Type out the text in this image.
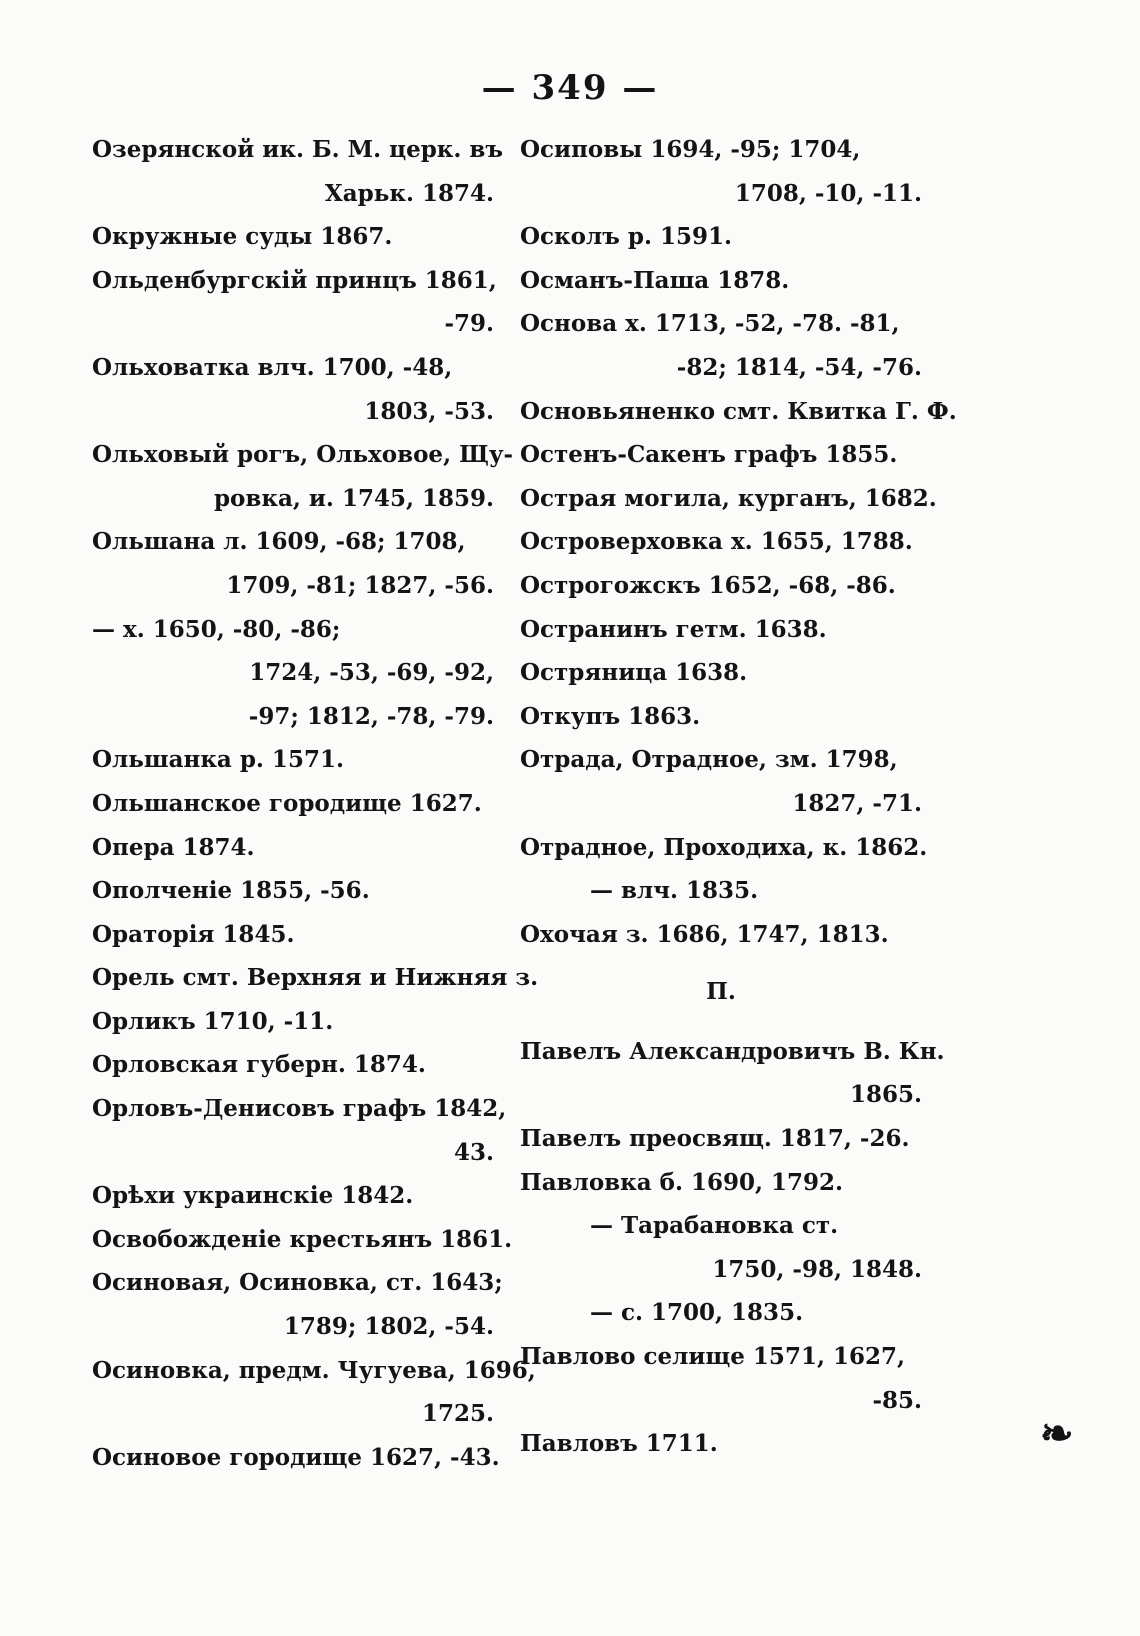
— 349 —
Озерянской ик. Б. М. церк. въ
Харьк. 1874.
Окружные суды 1867.
Ольденбургскій принцъ 1861,
-79.
Ольховатка влч. 1700, -48,
1803, -53.
Ольховый рогъ, Ольховое, Щу-
ровка, и. 1745, 1859.
Ольшана л. 1609, -68; 1708,
1709, -81; 1827, -56.
— х. 1650, -80, -86;
1724, -53, -69, -92,
-97; 1812, -78, -79.
Ольшанка р. 1571.
Ольшанское городище 1627.
Опера 1874.
Ополченіе 1855, -56.
Ораторія 1845.
Орель смт. Верхняя и Нижняя з.
Орликъ 1710, -11.
Орловская губерн. 1874.
Орловъ-Денисовъ графъ 1842,
43.
Орѣхи украинскіе 1842.
Освобожденіе крестьянъ 1861.
Осиновая, Осиновка, ст. 1643;
1789; 1802, -54.
Осиновка, предм. Чугуева, 1696,
1725.
Осиновое городище 1627, -43.
Осиповы 1694, -95; 1704,
1708, -10, -11.
Осколъ р. 1591.
Османъ-Паша 1878.
Основа х. 1713, -52, -78. -81,
-82; 1814, -54, -76.
Основьяненко смт. Квитка Г. Ф.
Остенъ-Сакенъ графъ 1855.
Острая могила, курганъ, 1682.
Островерховка х. 1655, 1788.
Острогожскъ 1652, -68, -86.
Остранинъ гетм. 1638.
Остряница 1638.
Откупъ 1863.
Отрада, Отрадное, зм. 1798,
1827, -71.
Отрадное, Проходиха, к. 1862.
— влч. 1835.
Охочая з. 1686, 1747, 1813.
П.
Павелъ Александровичъ В. Кн.
1865.
Павелъ преосвящ. 1817, -26.
Павловка б. 1690, 1792.
— Тарабановка ст.
1750, -98, 1848.
— с. 1700, 1835.
Павлово селище 1571, 1627,
-85.
Павловъ 1711.	❧
